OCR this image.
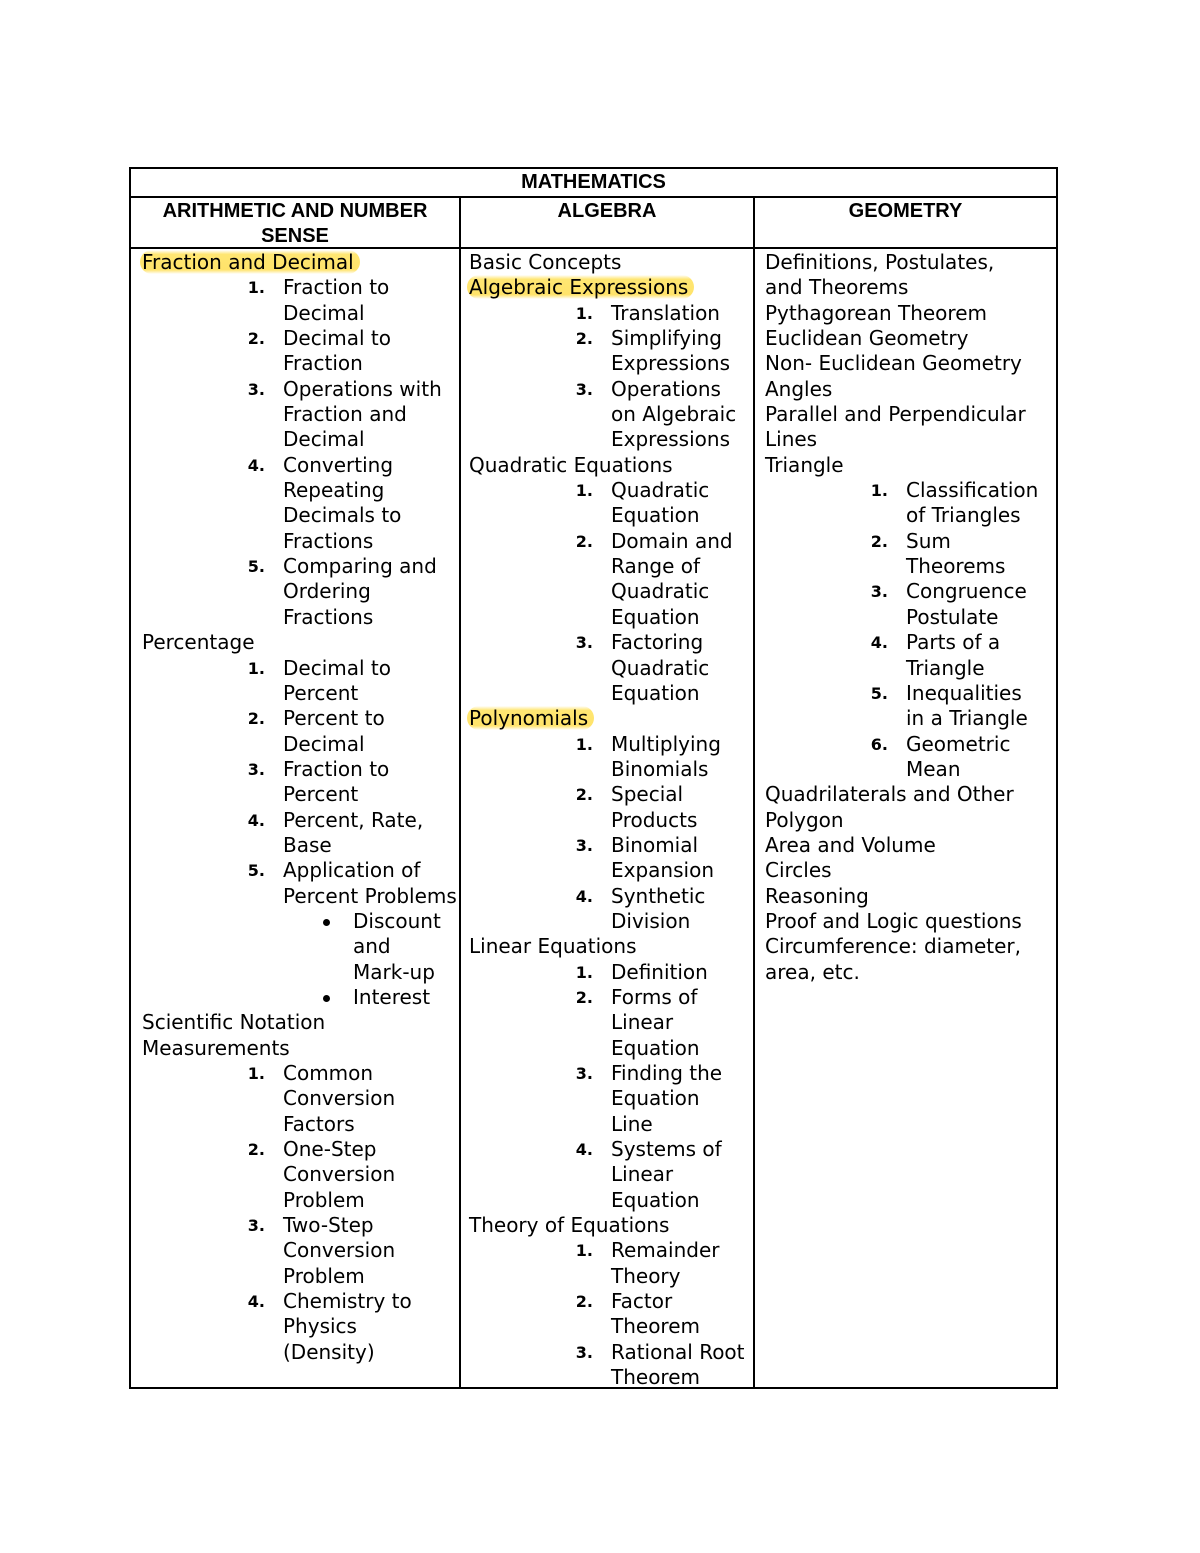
MATHEMATICS
ARITHMETIC AND NUMBER SENSE
ALGEBRA	GEOMETRY
Fraction and Decimal
1. Fraction to Decimal
2. Decimal to Fraction
3. Operations with Fraction and Decimal
4. Converting Repeating Decimals to Fractions
5. Comparing and Ordering Fractions
Percentage
1. Decimal to Percent
2. Percent to Decimal
3. Fraction to Percent
4. Percent, Rate, Base
5. Application of Percent Problems
Discount and Mark-up
Interest
Scientific Notation
Measurements
1. Common Conversion Factors
2. One-Step Conversion Problem
3. Two-Step Conversion Problem
4. Chemistry to Physics (Density)
Basic Concepts
Algebraic Expressions
1. Translation
2. Simplifying Expressions
3. Operations on Algebraic Expressions
Quadratic Equations
1. Quadratic Equation
2. Domain and Range of Quadratic Equation
3. Factoring Quadratic Equation
Polynomials
1. Multiplying Binomials
2. Special Products
3. Binomial Expansion
4. Synthetic Division
Linear Equations
1. Definition
2. Forms of Linear Equation
3. Finding the Equation Line
4. Systems of Linear Equation
Theory of Equations
1. Remainder Theory
2. Factor Theorem
3. Rational Root Theorem
Definitions, Postulates, and Theorems
Pythagorean Theorem
Euclidean Geometry
Non- Euclidean Geometry
Angles
Parallel and Perpendicular Lines
Triangle
1. Classification of Triangles
2. Sum Theorems
3. Congruence Postulate
4. Parts of a Triangle
5. Inequalities in a Triangle
6. Geometric Mean
Quadrilaterals and Other Polygon
Area and Volume
Circles
Reasoning
Proof and Logic questions
Circumference: diameter, area, etc.
